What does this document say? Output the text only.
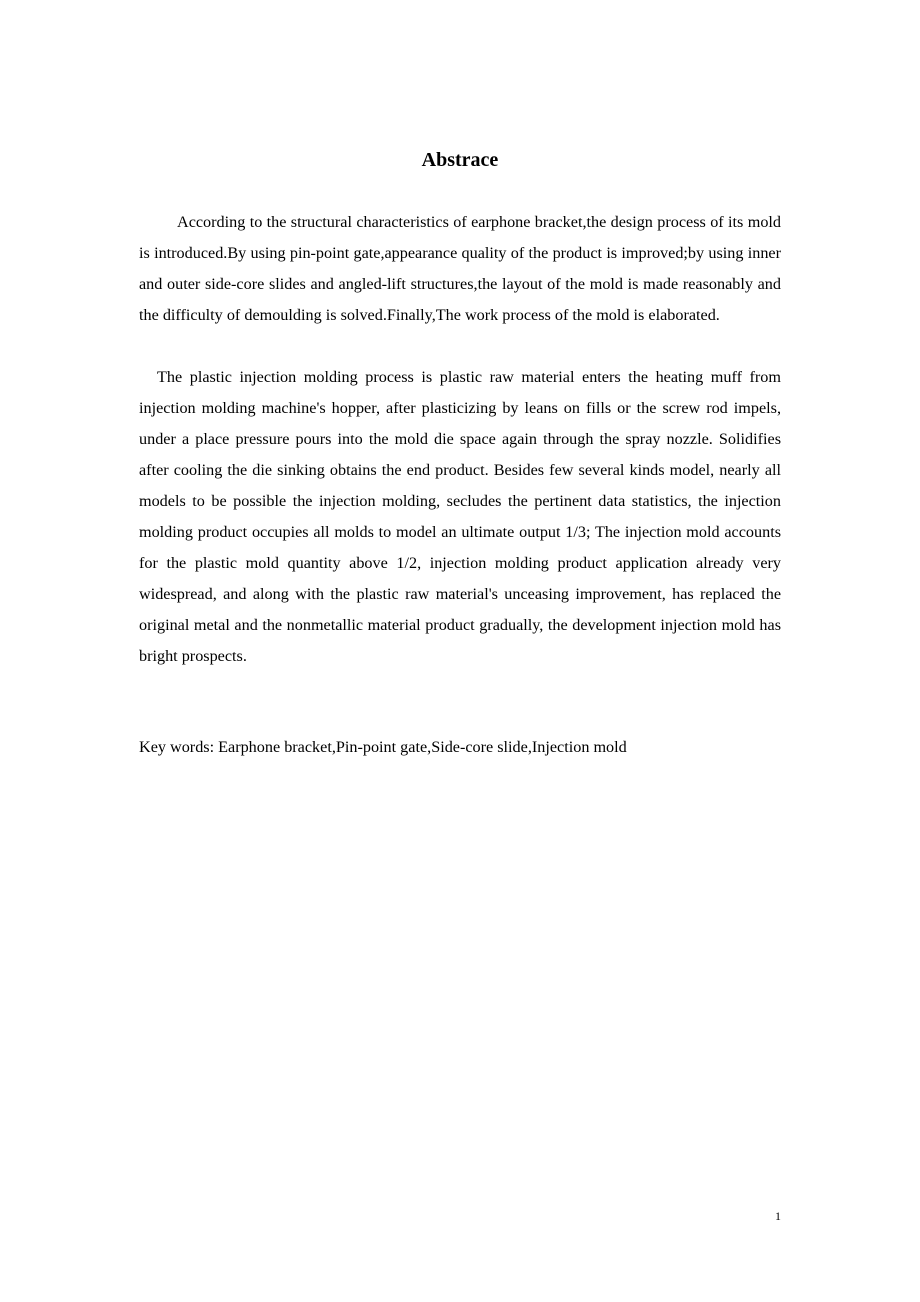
Abstrace

According to the structural characteristics of earphone bracket,the design process of its mold is introduced.By using pin-point gate,appearance quality of the product is improved;by using inner and outer side-core slides and angled-lift structures,the layout of the mold is made reasonably and the difficulty of demoulding is solved.Finally,The work process of the mold is elaborated.

The plastic injection molding process is plastic raw material enters the heating muff from injection molding machine's hopper, after plasticizing by leans on fills or the screw rod impels, under a place pressure pours into the mold die space again through the spray nozzle. Solidifies after cooling the die sinking obtains the end product. Besides few several kinds model, nearly all models to be possible the injection molding, secludes the pertinent data statistics, the injection molding product occupies all molds to model an ultimate output 1/3; The injection mold accounts for the plastic mold quantity above 1/2, injection molding product application already very widespread, and along with the plastic raw material's unceasing improvement, has replaced the original metal and the nonmetallic material product gradually, the development injection mold has bright prospects.

Key words: Earphone bracket,Pin-point gate,Side-core slide,Injection mold

1
